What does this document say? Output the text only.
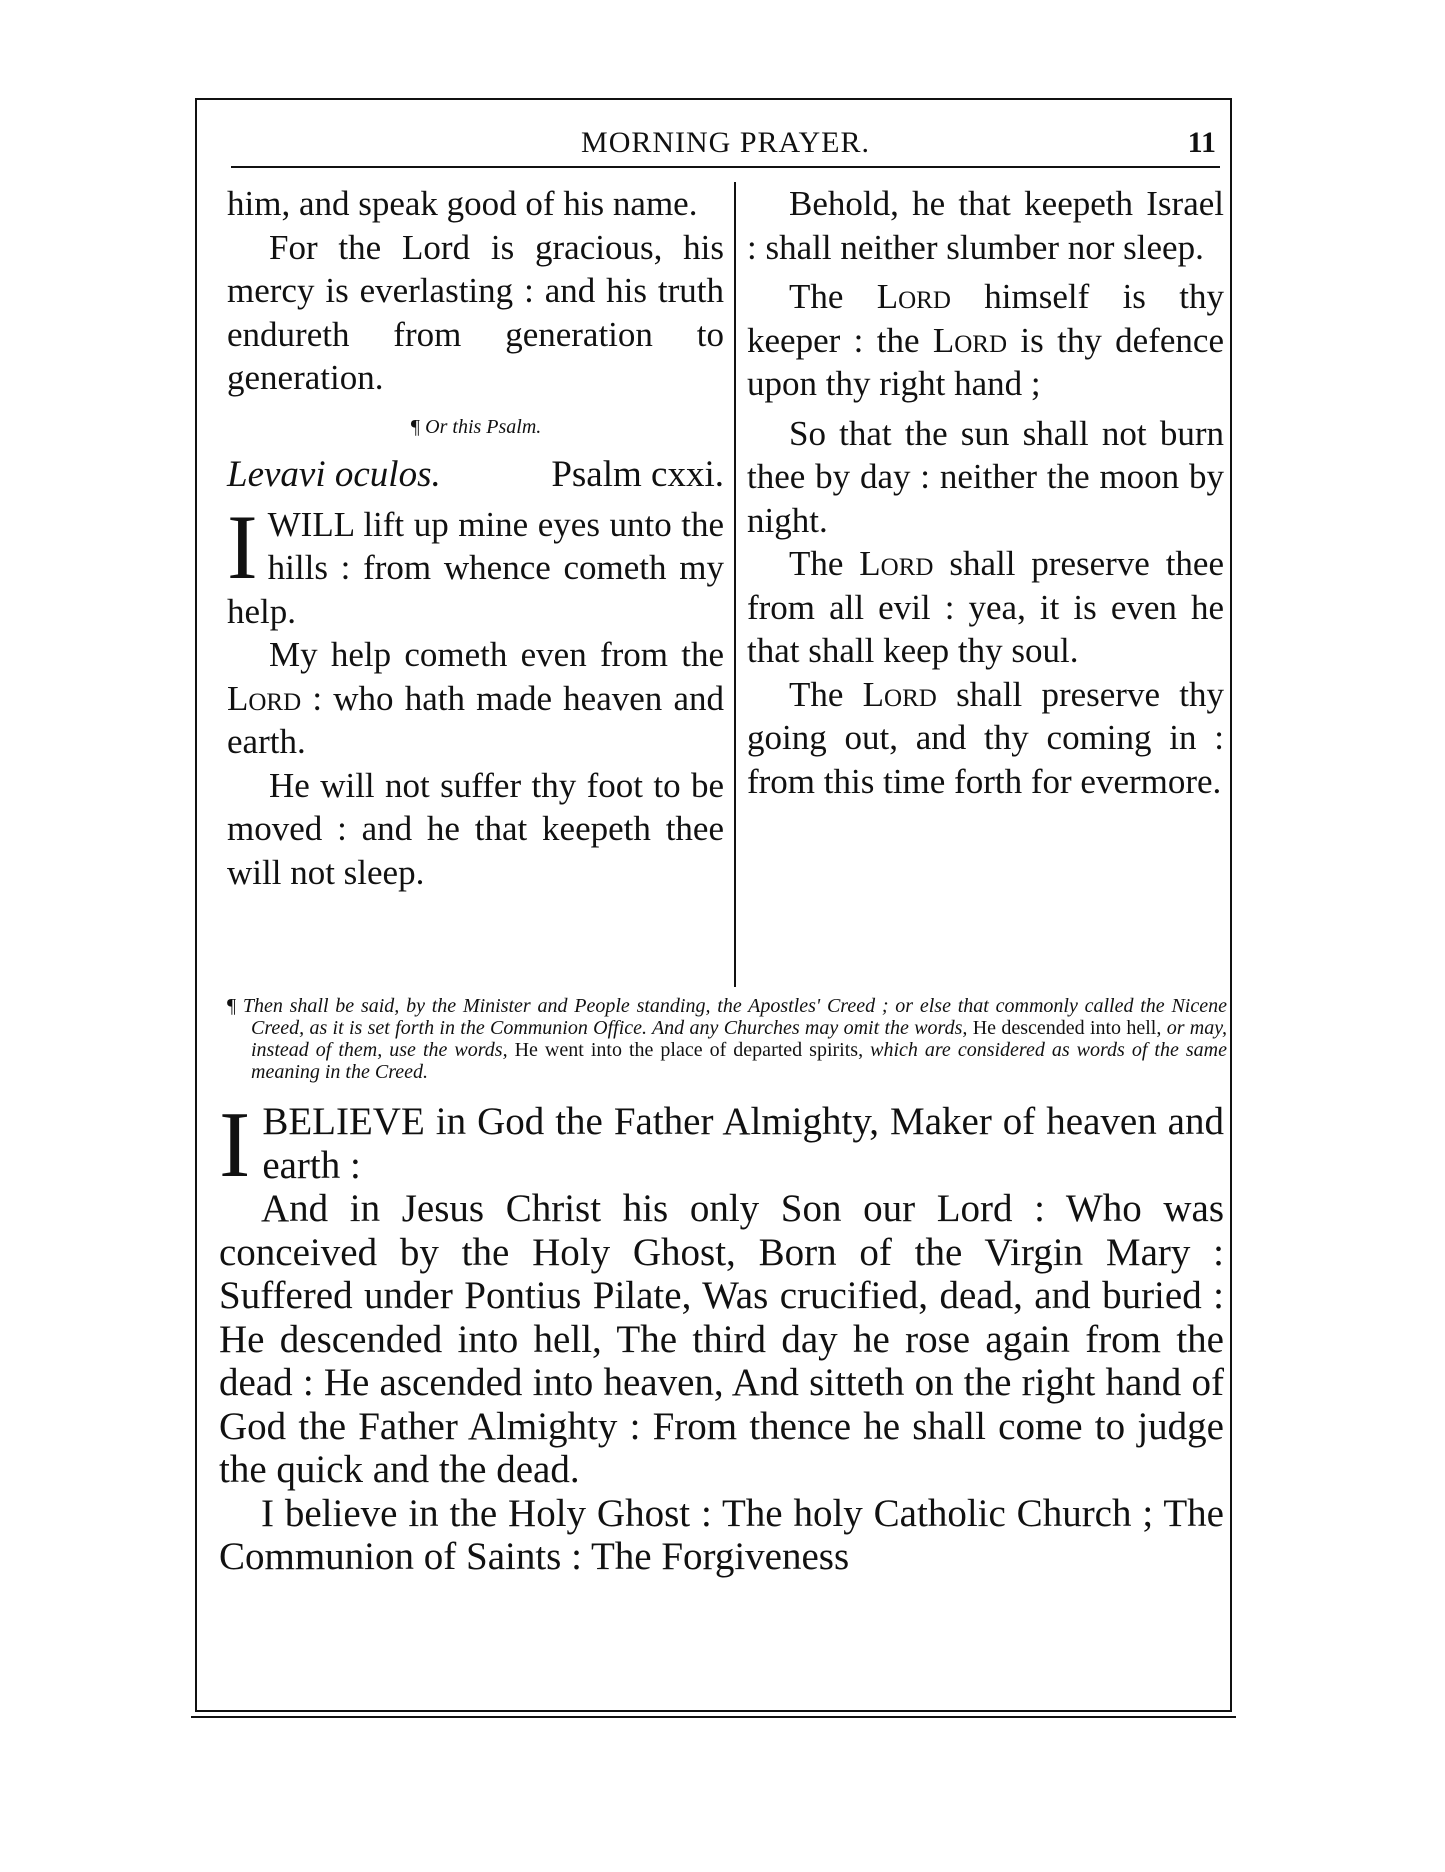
MORNING PRAYER.	11

him, and speak good of his name.

For the Lord is gracious, his mercy is everlasting : and his truth endureth from generation to generation.

¶ Or this Psalm.

Levavi oculos.	Psalm cxxi.

IWILL lift up mine eyes unto the hills : from whence cometh my help.

My help cometh even from the Lord : who hath made heaven and earth.

He will not suffer thy foot to be moved : and he that keepeth thee will not sleep.

Behold, he that keepeth Israel : shall neither slumber nor sleep.

The Lord himself is thy keeper : the Lord is thy defence upon thy right hand ;

So that the sun shall not burn thee by day : neither the moon by night.

The Lord shall preserve thee from all evil : yea, it is even he that shall keep thy soul.

The Lord shall preserve thy going out, and thy coming in : from this time forth for evermore.

¶ Then shall be said, by the Minister and People standing, the Apostles' Creed ; or else that commonly called the Nicene Creed, as it is set forth in the Communion Office. And any Churches may omit the words, He descended into hell, or may, instead of them, use the words, He went into the place of departed spirits, which are considered as words of the same meaning in the Creed.

IBELIEVE in God the Father Almighty, Maker of heaven and earth :

And in Jesus Christ his only Son our Lord : Who was conceived by the Holy Ghost, Born of the Virgin Mary : Suffered under Pontius Pilate, Was crucified, dead, and buried : He descended into hell, The third day he rose again from the dead : He ascended into heaven, And sitteth on the right hand of God the Father Almighty : From thence he shall come to judge the quick and the dead.

I believe in the Holy Ghost : The holy Catholic Church ; The Communion of Saints : The Forgiveness
